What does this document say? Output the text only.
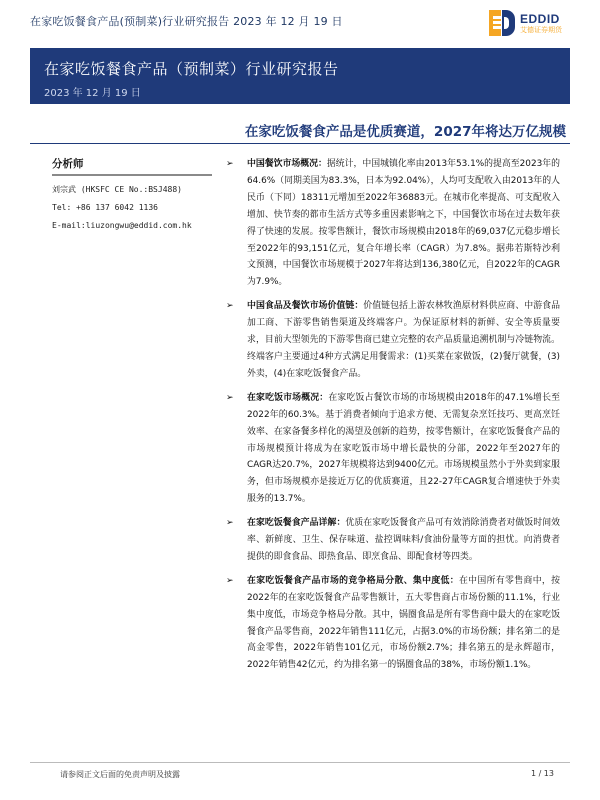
在家吃饭餐食产品(预制菜)行业研究报告 2023 年 12 月 19 日	EDDID
艾德证券期货
在家吃饭餐食产品（预制菜）行业研究报告
2023 年 12 月 19 日
在家吃饭餐食产品是优质赛道，2027年将达万亿规模
分析师
刘宗武 (HKSFC CE No.:BSJ488)
Tel: +86 137 6042 1136
E-mail:liuzongwu@eddid.com.hk
➢ 中国餐饮市场概况：据统计，中国城镇化率由2013年53.1%的提高至2023年的64.6%（同期美国为83.3%，日本为92.04%），人均可支配收入由2013年的人民币（下同）18311元增加至2022年36883元。在城市化率提高、可支配收入增加、快节奏的都市生活方式等多重因素影响之下，中国餐饮市场在过去数年获得了快速的发展。按零售额计，餐饮市场规模由2018年的69,037亿元稳步增长至2022年的93,151亿元，复合年增长率（CAGR）为7.8%。据弗若斯特沙利文预测，中国餐饮市场规模于2027年将达到136,380亿元，自2022年的CAGR为7.9%。
➢ 中国食品及餐饮市场价值链：价值链包括上游农林牧渔原材料供应商、中游食品加工商、下游零售销售渠道及终端客户。为保证原材料的新鲜、安全等质量要求，目前大型领先的下游零售商已建立完整的农产品质量追溯机制与冷链物流。终端客户主要通过4种方式满足用餐需求：(1)买菜在家做饭，(2)餐厅就餐，(3)外卖，(4)在家吃饭餐食产品。
➢ 在家吃饭市场概况：在家吃饭占餐饮市场的市场规模由2018年的47.1%增长至2022年的60.3%。基于消费者倾向于追求方便、无需复杂烹饪技巧、更高烹饪效率、在家备餐多样化的渴望及创新的趋势，按零售额计，在家吃饭餐食产品的市场规模预计将成为在家吃饭市场中增长最快的分部，2022年至2027年的CAGR达20.7%，2027年规模将达到9400亿元。市场规模虽然小于外卖到家服务，但市场规模亦是接近万亿的优质赛道，且22-27年CAGR复合增速快于外卖服务的13.7%。
➢ 在家吃饭餐食产品详解：优质在家吃饭餐食产品可有效消除消费者对做饭时间效率、新鲜度、卫生、保存味道、盐控调味料/食油份量等方面的担忧。向消费者提供的即食食品、即热食品、即烹食品、即配食材等四类。
➢ 在家吃饭餐食产品市场的竞争格局分散、集中度低：在中国所有零售商中，按2022年的在家吃饭餐食产品零售额计，五大零售商占市场份额的11.1%，行业集中度低，市场竞争格局分散。其中，锅圈食品是所有零售商中最大的在家吃饭餐食产品零售商，2022年销售111亿元，占据3.0%的市场份额；排名第二的是高金零售，2022年销售101亿元，市场份额2.7%；排名第五的是永辉超市，2022年销售42亿元，约为排名第一的锅圈食品的38%，市场份额1.1%。
请参阅正文后面的免责声明及披露	1 / 13
